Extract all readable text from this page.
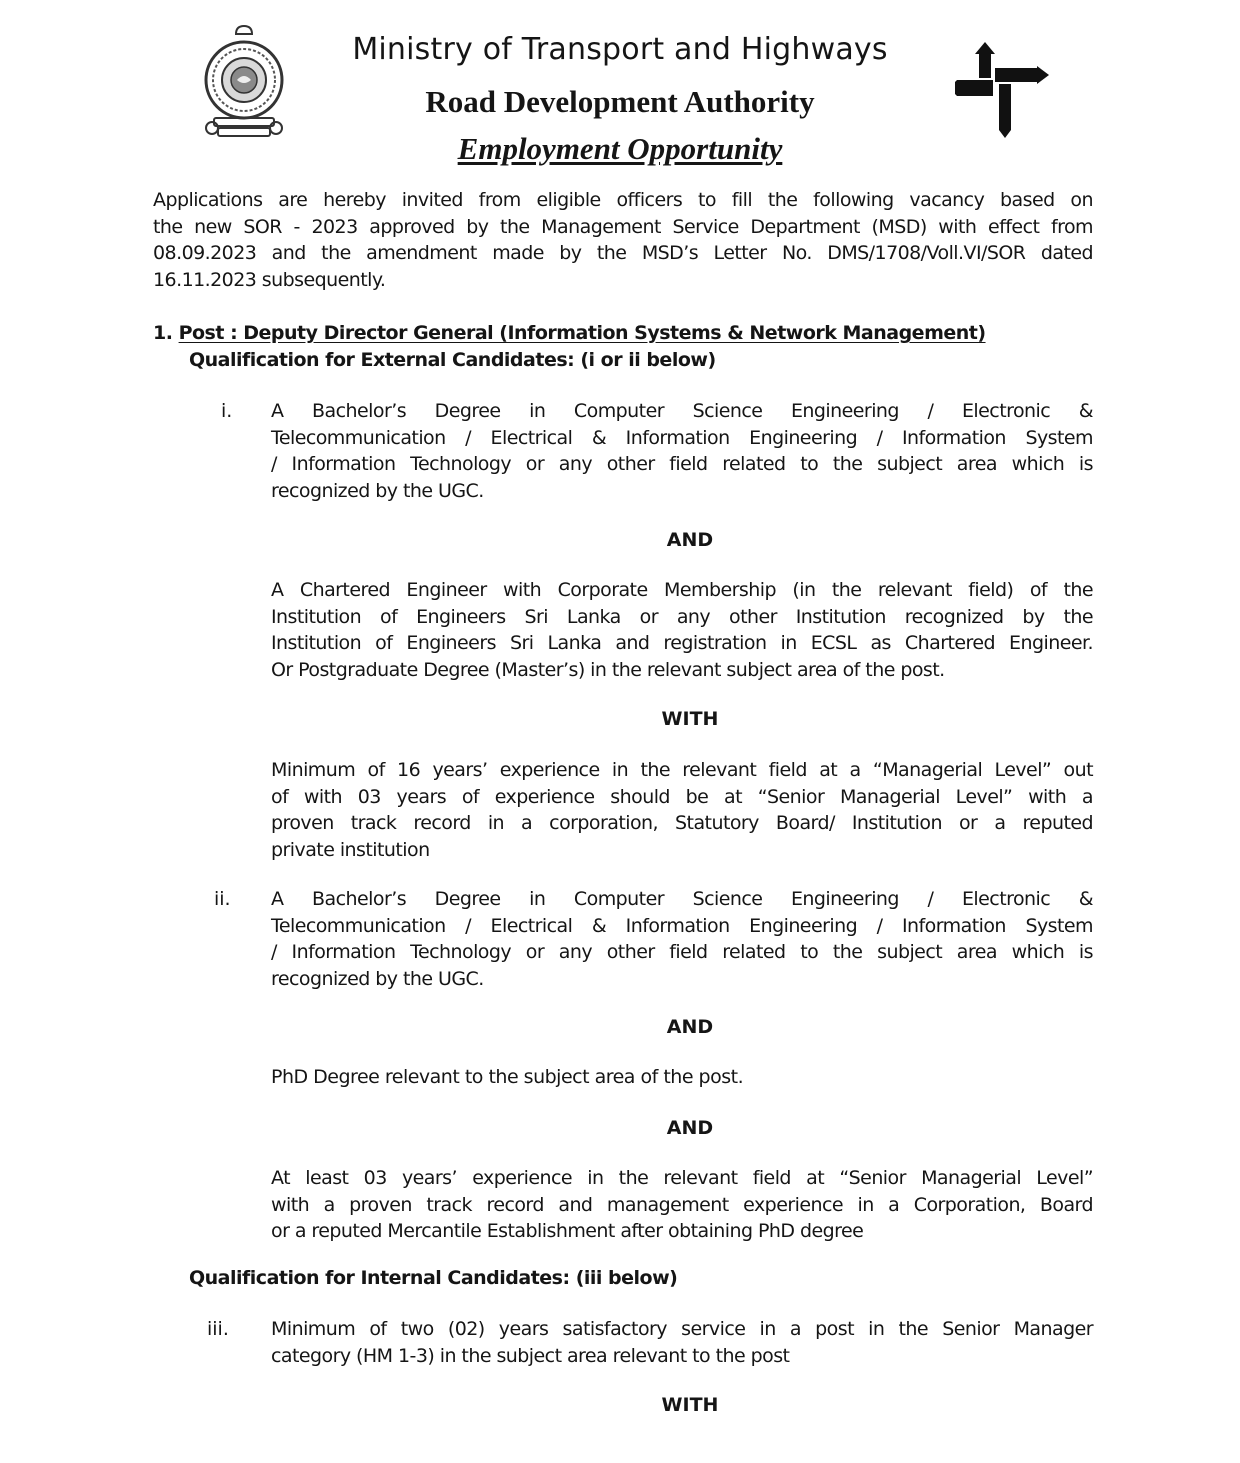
Ministry of Transport and Highways
Road Development Authority
Employment Opportunity
Applications are hereby invited from eligible officers to fill the following vacancy based on
the new SOR - 2023 approved by the Management Service Department (MSD) with effect from
08.09.2023 and the amendment made by the MSD’s Letter No. DMS/1708/Voll.VI/SOR dated
16.11.2023 subsequently.
1. Post : Deputy Director General (Information Systems & Network Management)
Qualification for External Candidates: (i or ii below)
i.	A Bachelor’s Degree in Computer Science Engineering / Electronic &
Telecommunication / Electrical & Information Engineering / Information System
/ Information Technology or any other field related to the subject area which is
recognized by the UGC.
AND
A Chartered Engineer with Corporate Membership (in the relevant field) of the
Institution of Engineers Sri Lanka or any other Institution recognized by the
Institution of Engineers Sri Lanka and registration in ECSL as Chartered Engineer.
Or Postgraduate Degree (Master’s) in the relevant subject area of the post.
WITH
Minimum of 16 years’ experience in the relevant field at a “Managerial Level” out
of with 03 years of experience should be at “Senior Managerial Level” with a
proven track record in a corporation, Statutory Board/ Institution or a reputed
private institution
ii.	A Bachelor’s Degree in Computer Science Engineering / Electronic &
Telecommunication / Electrical & Information Engineering / Information System
/ Information Technology or any other field related to the subject area which is
recognized by the UGC.
AND
PhD Degree relevant to the subject area of the post.
AND
At least 03 years’ experience in the relevant field at “Senior Managerial Level”
with a proven track record and management experience in a Corporation, Board
or a reputed Mercantile Establishment after obtaining PhD degree
Qualification for Internal Candidates: (iii below)
iii.	Minimum of two (02) years satisfactory service in a post in the Senior Manager
category (HM 1-3) in the subject area relevant to the post
WITH
